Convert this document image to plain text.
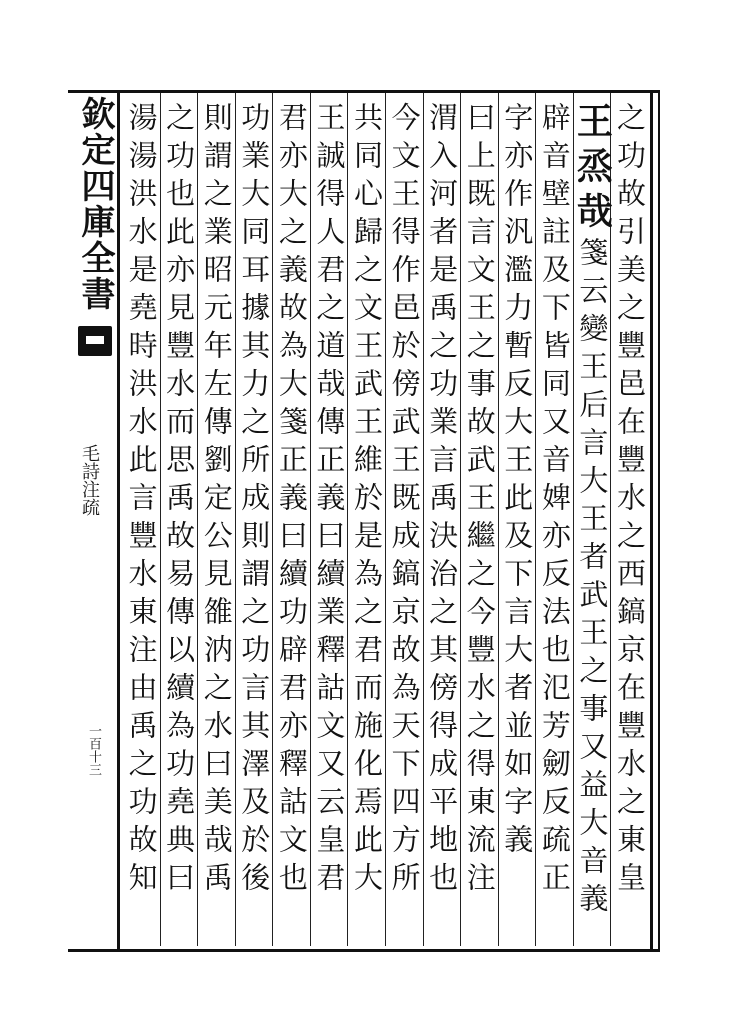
欽定四庫全書
毛詩注疏
一百十三	之功故引美之豐邑在豐水之西鎬京在豐水之東皇
王烝哉箋云變王后言大王者武王之事又益大音義
辟音壁註及下皆同又音婢亦反法也氾芳劒反疏正
字亦作汎濫力暫反大王此及下言大者並如字義
曰上既言文王之事故武王繼之今豐水之得東流注
渭入河者是禹之功業言禹決治之其傍得成平地也
今文王得作邑於傍武王既成鎬京故為天下四方所
共同心歸之文王武王維於是為之君而施化焉此大
王誠得人君之道哉傳正義曰續業釋詁文又云皇君
君亦大之義故為大箋正義曰續功辟君亦釋詁文也
功業大同耳據其力之所成則謂之功言其澤及於後
則謂之業昭元年左傳劉定公見雒汭之水曰美哉禹
之功也此亦見豐水而思禹故易傳以續為功堯典曰
湯湯洪水是堯時洪水此言豐水東注由禹之功故知
